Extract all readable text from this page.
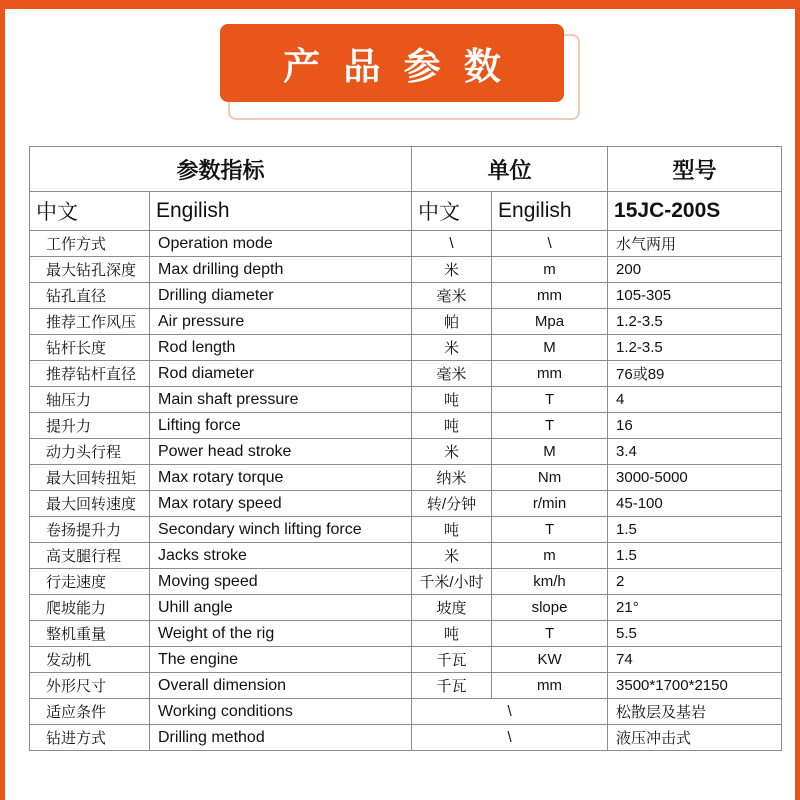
产 品 参 数
参数指标		单位		型号
中文	Engilish	中文	Engilish	15JC-200S
工作方式	Operation mode	\	\	水气两用
最大钻孔深度	Max drilling depth	米	m	200
钻孔直径	Drilling diameter	毫米	mm	105-305
推荐工作风压	Air pressure	帕	Mpa	1.2-3.5
钻杆长度	Rod length	米	M	1.2-3.5
推荐钻杆直径	Rod diameter	毫米	mm	76或89
轴压力	Main shaft pressure	吨	T	4
提升力	Lifting force	吨	T	16
动力头行程	Power head stroke	米	M	3.4
最大回转扭矩	Max rotary torque	纳米	Nm	3000-5000
最大回转速度	Max rotary speed	转/分钟	r/min	45-100
卷扬提升力	Secondary winch lifting force	吨	T	1.5
高支腿行程	Jacks stroke	米	m	1.5
行走速度	Moving speed	千米/小时	km/h	2
爬坡能力	Uhill angle	坡度	slope	21°
整机重量	Weight of the rig	吨	T	5.5
发动机	The engine	千瓦	KW	74
外形尺寸	Overall dimension	千瓦	mm	3500*1700*2150
适应条件	Working conditions	\		松散层及基岩
钻进方式	Drilling method	\		液压冲击式
